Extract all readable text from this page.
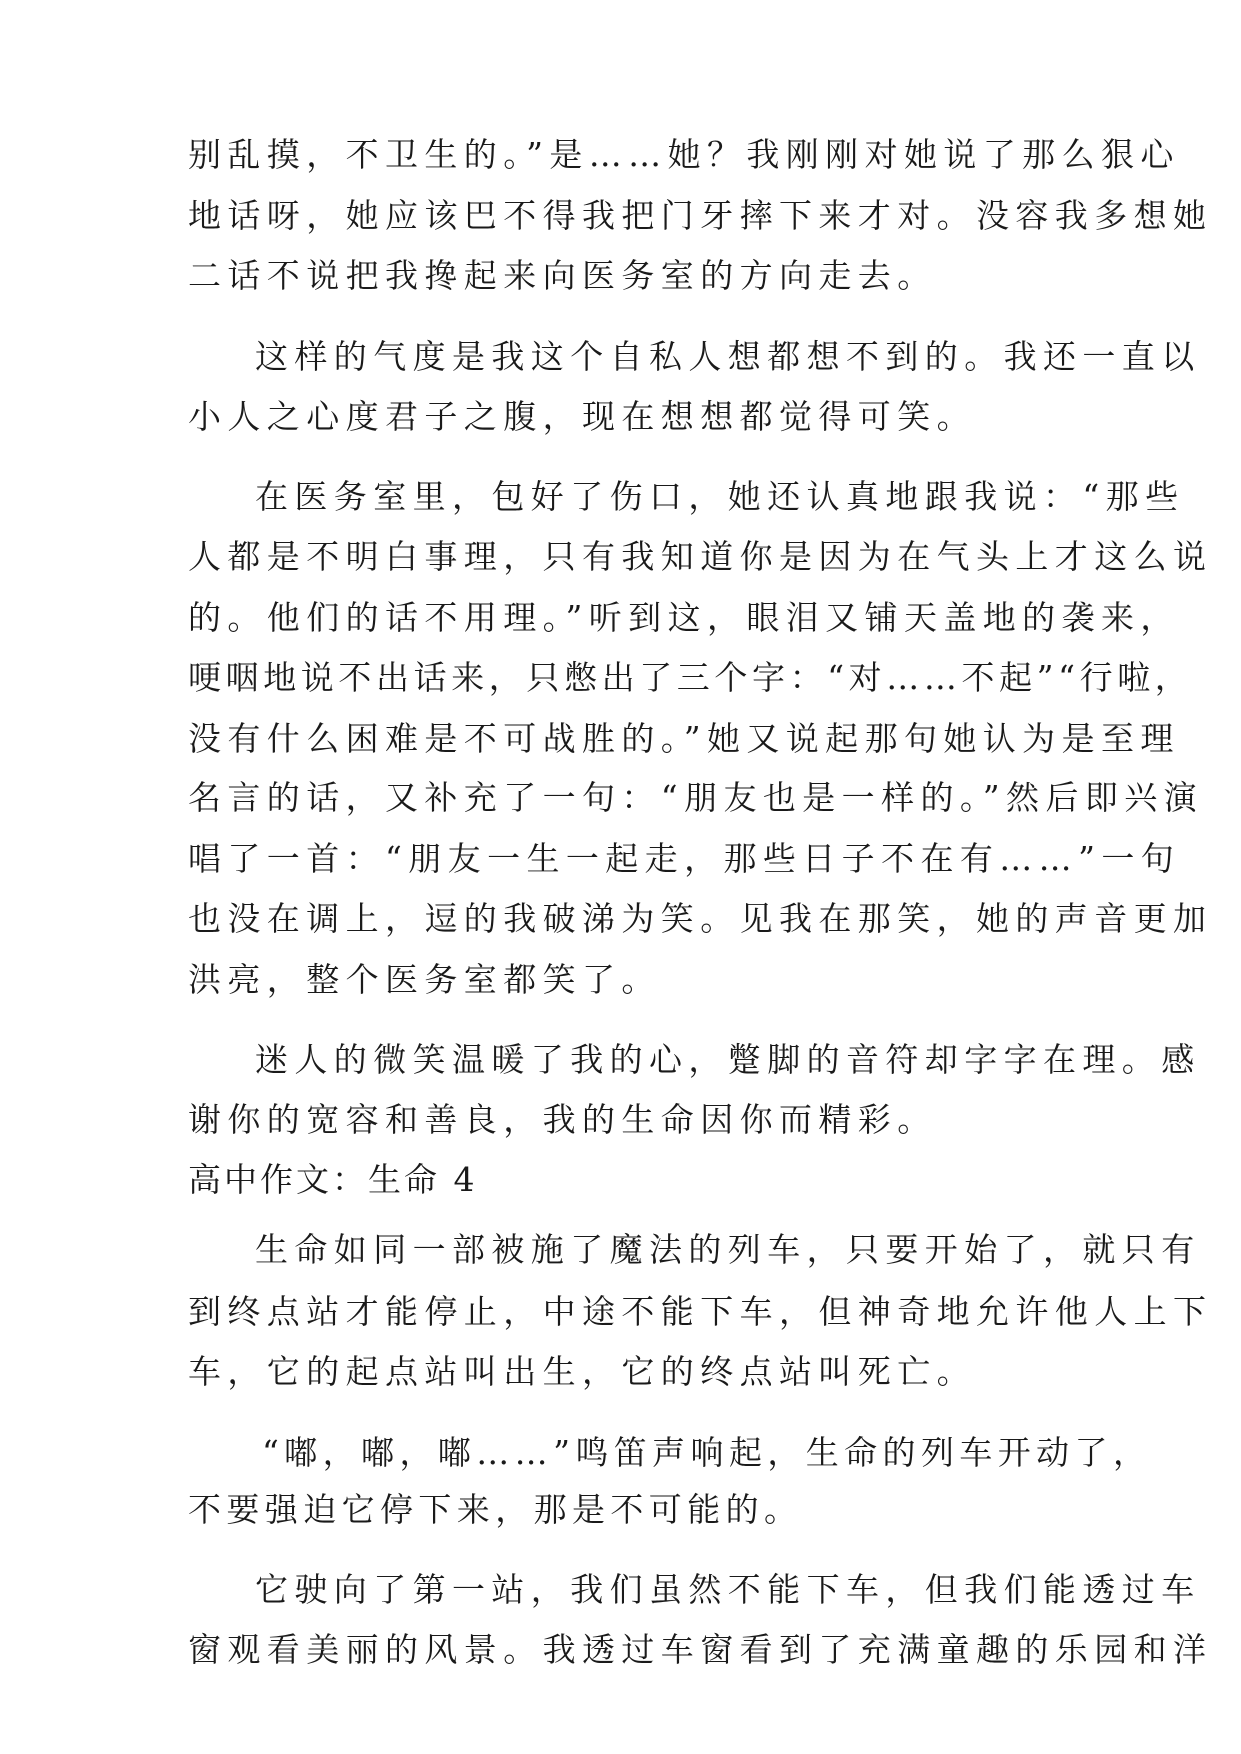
别乱摸，不卫生的。”是……她？我刚刚对她说了那么狠心
地话呀，她应该巴不得我把门牙摔下来才对。没容我多想她
二话不说把我搀起来向医务室的方向走去。
这样的气度是我这个自私人想都想不到的。我还一直以
小人之心度君子之腹，现在想想都觉得可笑。
在医务室里，包好了伤口，她还认真地跟我说：“那些
人都是不明白事理，只有我知道你是因为在气头上才这么说
的。他们的话不用理。”听到这，眼泪又铺天盖地的袭来，
哽咽地说不出话来，只憋出了三个字：“对……不起”“行啦，
没有什么困难是不可战胜的。”她又说起那句她认为是至理
名言的话，又补充了一句：“朋友也是一样的。”然后即兴演
唱了一首：“朋友一生一起走，那些日子不在有……”一句
也没在调上，逗的我破涕为笑。见我在那笑，她的声音更加
洪亮，整个医务室都笑了。
迷人的微笑温暖了我的心，蹩脚的音符却字字在理。感
谢你的宽容和善良，我的生命因你而精彩。
高中作文：生命 4
生命如同一部被施了魔法的列车，只要开始了，就只有
到终点站才能停止，中途不能下车，但神奇地允许他人上下
车，它的起点站叫出生，它的终点站叫死亡。
“嘟，嘟，嘟……”鸣笛声响起，生命的列车开动了，
不要强迫它停下来，那是不可能的。
它驶向了第一站，我们虽然不能下车，但我们能透过车
窗观看美丽的风景。我透过车窗看到了充满童趣的乐园和洋
